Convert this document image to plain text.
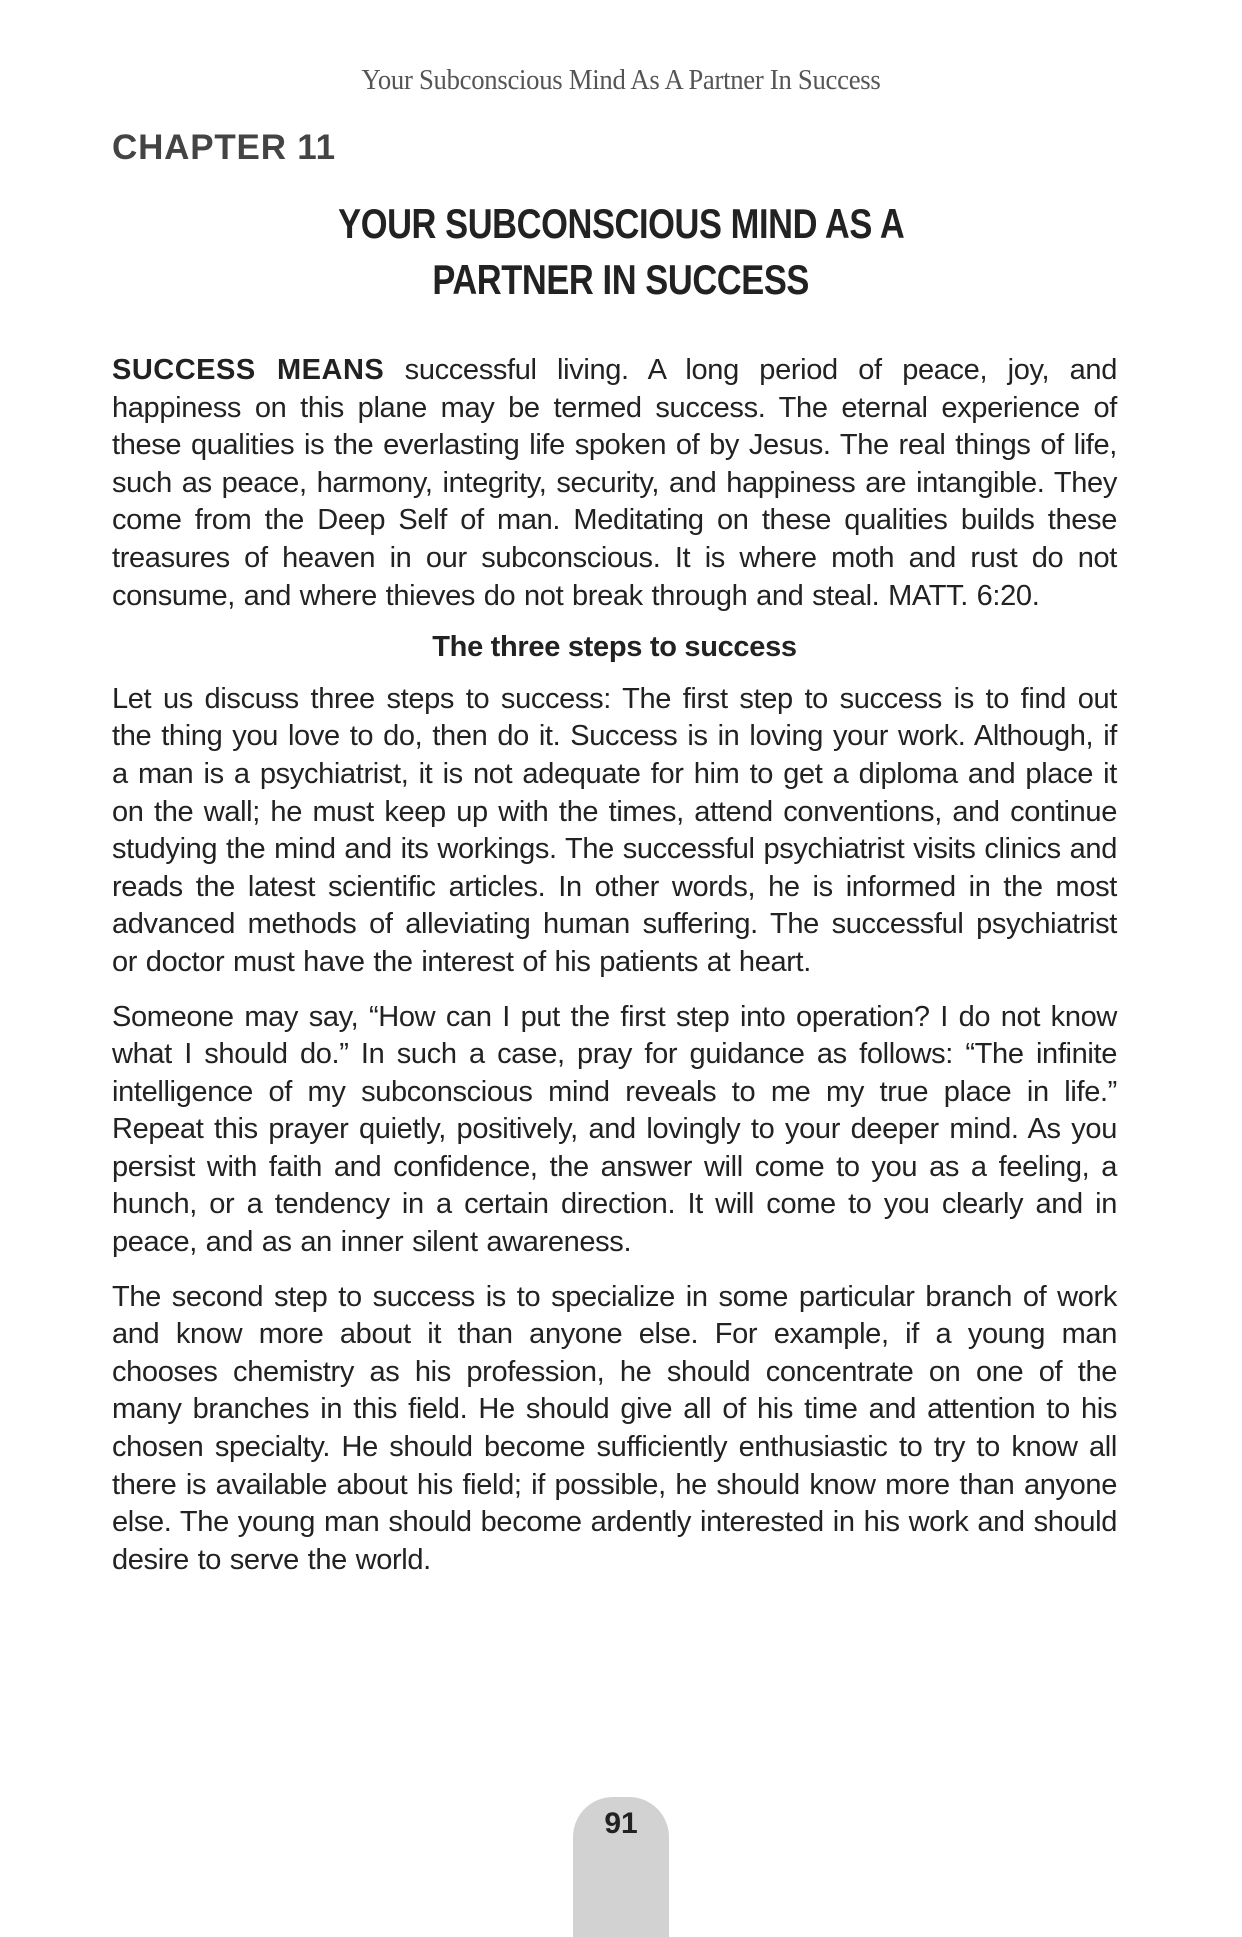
Your Subconscious Mind As A Partner In Success
CHAPTER 11
YOUR SUBCONSCIOUS MIND AS A
PARTNER IN SUCCESS

SUCCESS MEANS successful living. A long period of peace, joy, and happiness on this plane may be termed success. The eternal experience of these qualities is the everlasting life spoken of by Jesus. The real things of life, such as peace, harmony, integrity, security, and happiness are intangible. They come from the Deep Self of man. Meditating on these qualities builds these treasures of heaven in our subconscious. It is where moth and rust do not consume, and where thieves do not break through and steal. MATT. 6:20.

The three steps to success

Let us discuss three steps to success: The first step to success is to find out the thing you love to do, then do it. Success is in loving your work. Although, if a man is a psychiatrist, it is not adequate for him to get a diploma and place it on the wall; he must keep up with the times, attend conventions, and continue studying the mind and its workings. The successful psychiatrist visits clinics and reads the latest scientific articles. In other words, he is informed in the most advanced methods of alleviating human suffering. The successful psychiatrist or doctor must have the interest of his patients at heart.

Someone may say, “How can I put the first step into operation? I do not know what I should do.” In such a case, pray for guidance as follows: “The infinite intelligence of my subconscious mind reveals to me my true place in life.” Repeat this prayer quietly, positively, and lovingly to your deeper mind. As you persist with faith and confidence, the answer will come to you as a feeling, a hunch, or a tendency in a certain direction. It will come to you clearly and in peace, and as an inner silent awareness.

The second step to success is to specialize in some particular branch of work and know more about it than anyone else. For example, if a young man chooses chemistry as his profession, he should concentrate on one of the many branches in this field. He should give all of his time and attention to his chosen specialty. He should become sufficiently enthusiastic to try to know all there is available about his field; if possible, he should know more than anyone else. The young man should become ardently interested in his work and should desire to serve the world.

91
